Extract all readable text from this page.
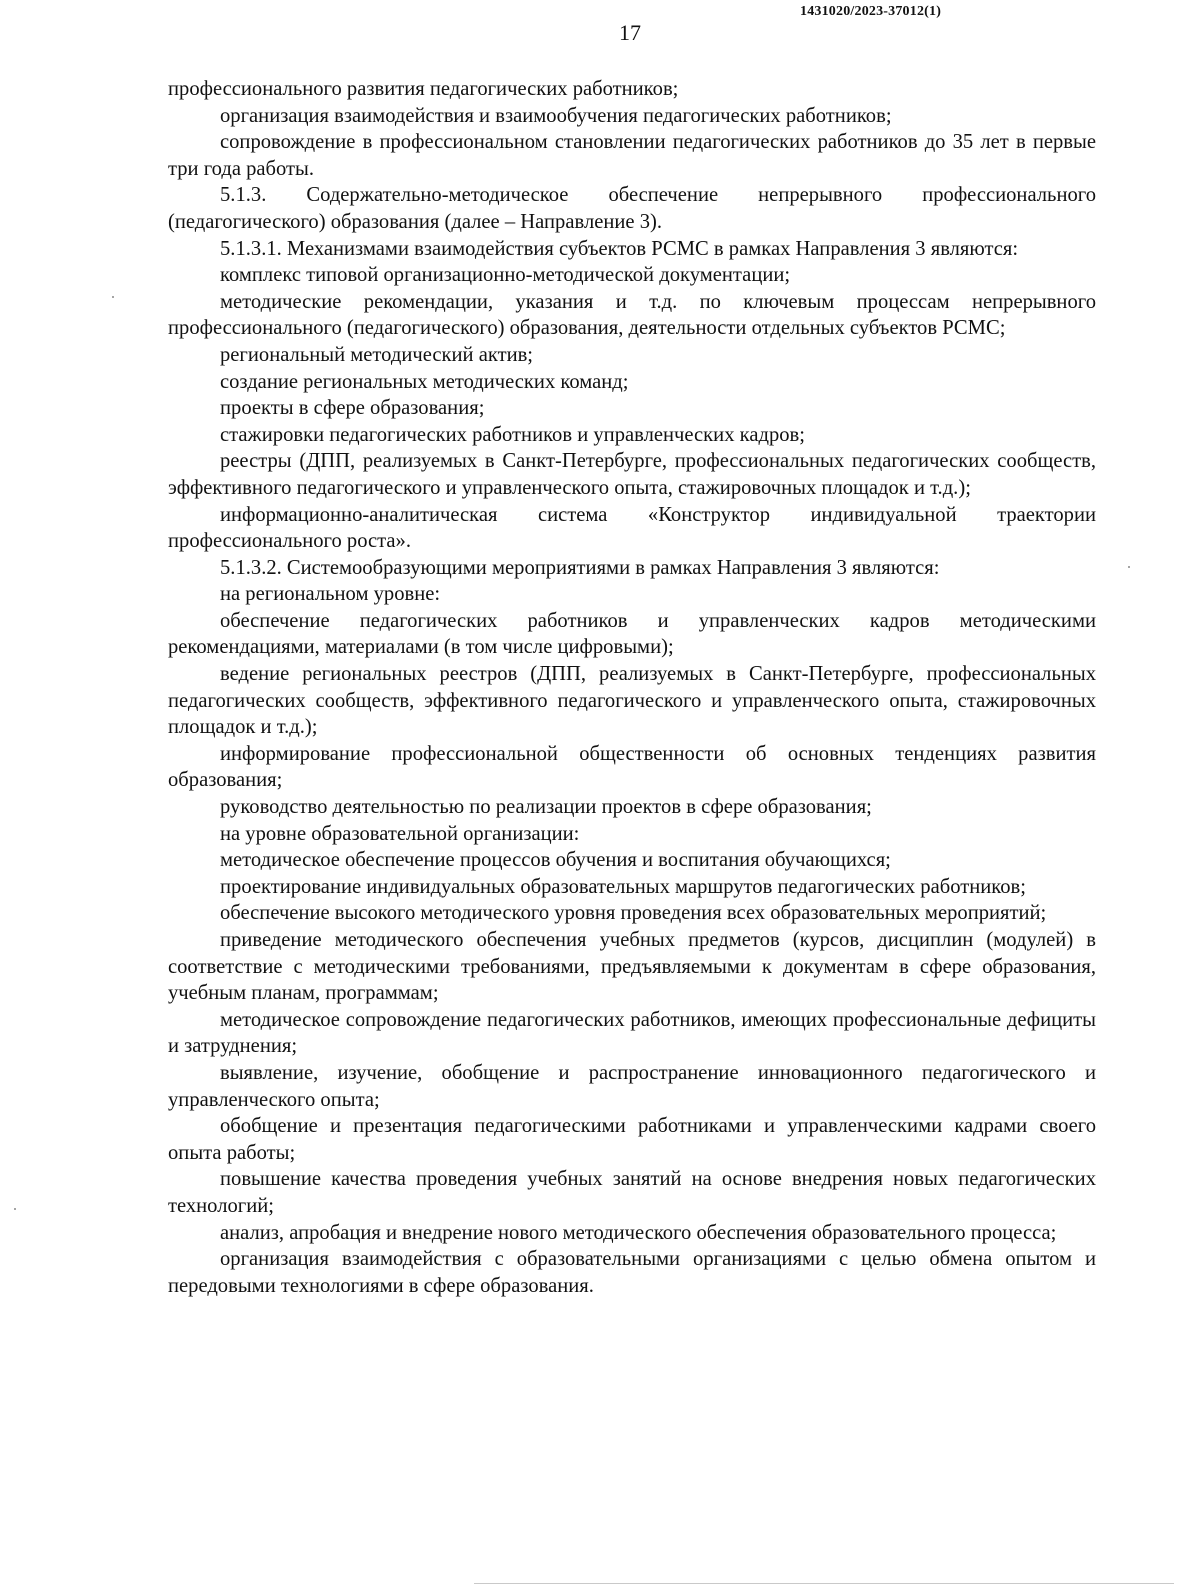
1431020/2023-37012(1)
17

профессионального развития педагогических работников;

организация взаимодействия и взаимообучения педагогических работников;

сопровождение в профессиональном становлении педагогических работников до 35 лет в первые три года работы.

5.1.3. Содержательно-методическое обеспечение непрерывного профессионального (педагогического) образования (далее – Направление 3).

5.1.3.1. Механизмами взаимодействия субъектов РСМС в рамках Направления 3 являются:

комплекс типовой организационно-методической документации;

методические рекомендации, указания и т.д. по ключевым процессам непрерывного профессионального (педагогического) образования, деятельности отдельных субъектов РСМС;

региональный методический актив;

создание региональных методических команд;

проекты в сфере образования;

стажировки педагогических работников и управленческих кадров;

реестры (ДПП, реализуемых в Санкт-Петербурге, профессиональных педагогических сообществ, эффективного педагогического и управленческого опыта, стажировочных площадок и т.д.);

информационно-аналитическая система «Конструктор индивидуальной траектории профессионального роста».

5.1.3.2. Системообразующими мероприятиями в рамках Направления 3 являются:

на региональном уровне:

обеспечение педагогических работников и управленческих кадров методическими рекомендациями, материалами (в том числе цифровыми);

ведение региональных реестров (ДПП, реализуемых в Санкт-Петербурге, профессиональных педагогических сообществ, эффективного педагогического и управленческого опыта, стажировочных площадок и т.д.);

информирование профессиональной общественности об основных тенденциях развития образования;

руководство деятельностью по реализации проектов в сфере образования;

на уровне образовательной организации:

методическое обеспечение процессов обучения и воспитания обучающихся;

проектирование индивидуальных образовательных маршрутов педагогических работников;

обеспечение высокого методического уровня проведения всех образовательных мероприятий;

приведение методического обеспечения учебных предметов (курсов, дисциплин (модулей) в соответствие с методическими требованиями, предъявляемыми к документам в сфере образования, учебным планам, программам;

методическое сопровождение педагогических работников, имеющих профессиональные дефициты и затруднения;

выявление, изучение, обобщение и распространение инновационного педагогического и управленческого опыта;

обобщение и презентация педагогическими работниками и управленческими кадрами своего опыта работы;

повышение качества проведения учебных занятий на основе внедрения новых педагогических технологий;

анализ, апробация и внедрение нового методического обеспечения образовательного процесса;

организация взаимодействия с образовательными организациями с целью обмена опытом и передовыми технологиями в сфере образования.
